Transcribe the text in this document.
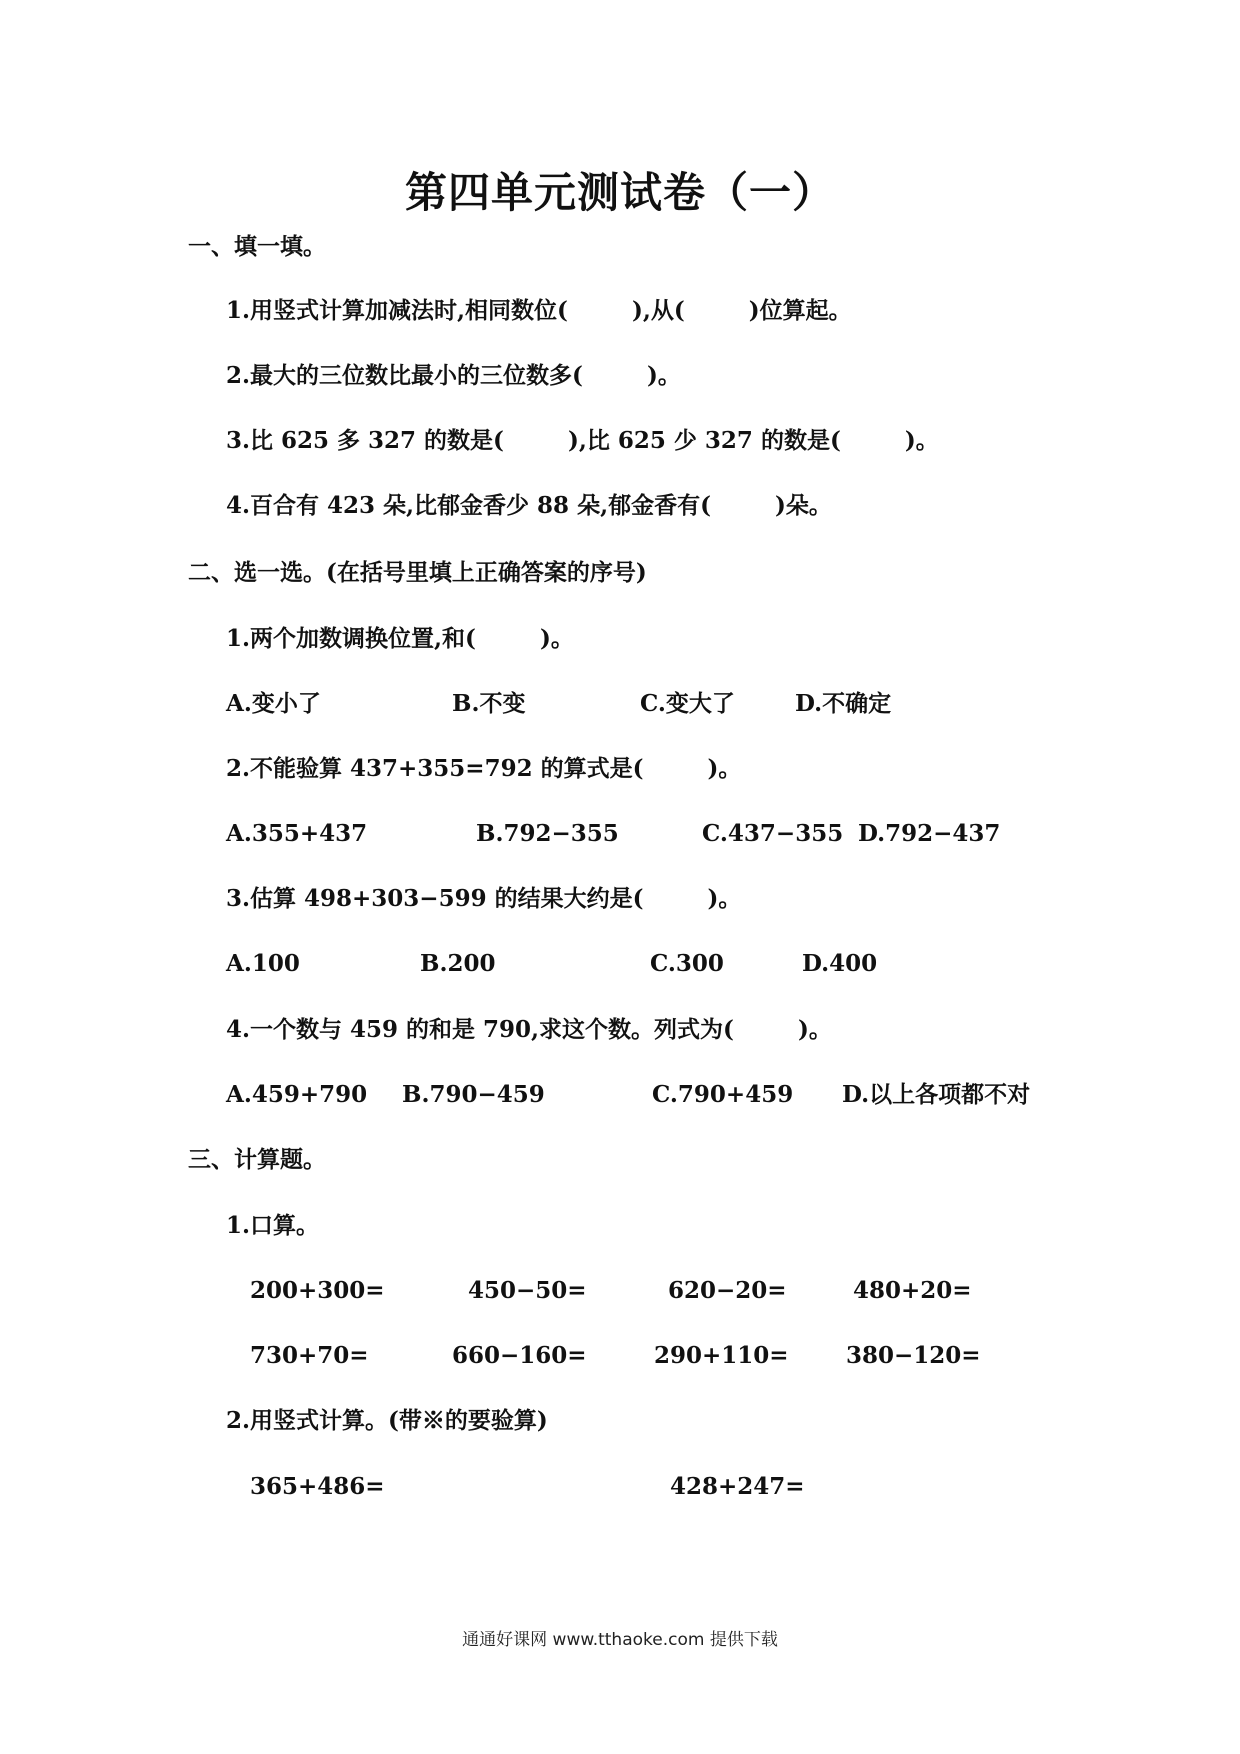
第四单元测试卷（一）
一、填一填。
1.用竖式计算加减法时,相同数位(        ),从(        )位算起。
2.最大的三位数比最小的三位数多(        )。
3.比 625 多 327 的数是(        ),比 625 少 327 的数是(        )。
4.百合有 423 朵,比郁金香少 88 朵,郁金香有(        )朵。
二、选一选。(在括号里填上正确答案的序号)
1.两个加数调换位置,和(        )。
A.变小了	B.不变	C.变大了	D.不确定
2.不能验算 437+355=792 的算式是(        )。
A.355+437	B.792−355	C.437−355 D.792−437
3.估算 498+303−599 的结果大约是(        )。
A.100	B.200	C.300	D.400
4.一个数与 459 的和是 790,求这个数。列式为(        )。
A.459+790 B.790−459	C.790+459 D.以上各项都不对
三、计算题。
1.口算。
200+300=	450−50=	620−20=	480+20=
730+70=	660−160=	290+110= 380−120=
2.用竖式计算。(带※的要验算)
365+486=	428+247=
通通好课网 www.tthaoke.com 提供下载
